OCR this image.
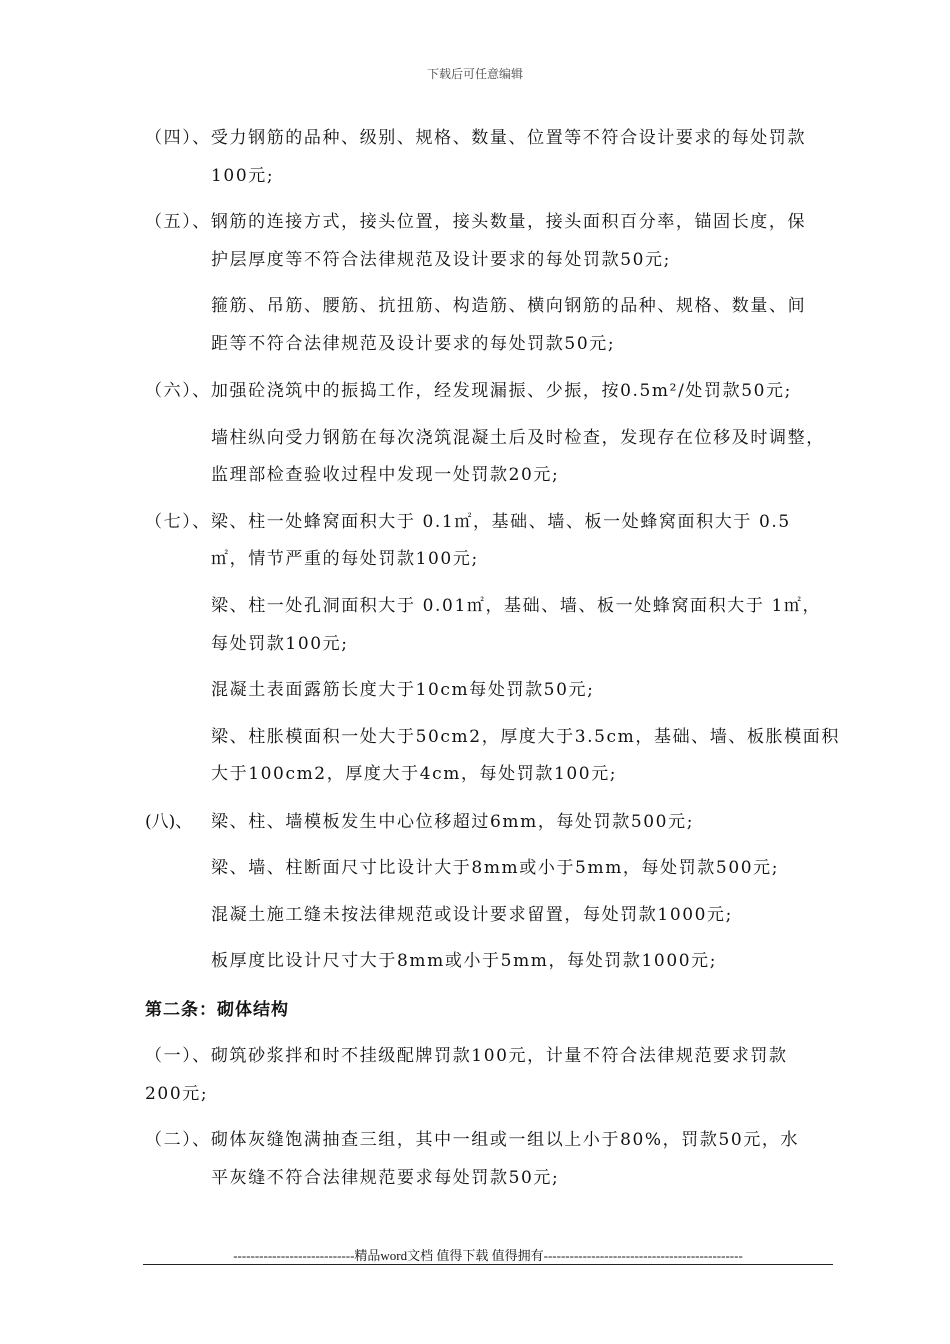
下载后可任意编辑
（四）、受力钢筋的品种、级别、规格、数量、位置等不符合设计要求的每处罚款
100元;
（五）、钢筋的连接方式，接头位置，接头数量，接头面积百分率，锚固长度，保
护层厚度等不符合法律规范及设计要求的每处罚款50元;
箍筋、吊筋、腰筋、抗扭筋、构造筋、横向钢筋的品种、规格、数量、间
距等不符合法律规范及设计要求的每处罚款50元;
（六）、加强砼浇筑中的振捣工作，经发现漏振、少振，按0.5m²/处罚款50元;
墙柱纵向受力钢筋在每次浇筑混凝土后及时检查，发现存在位移及时调整，
监理部检查验收过程中发现一处罚款20元;
（七）、梁、柱一处蜂窝面积大于 0.1㎡，基础、墙、板一处蜂窝面积大于 0.5
㎡，情节严重的每处罚款100元;
梁、柱一处孔洞面积大于 0.01㎡，基础、墙、板一处蜂窝面积大于 1㎡，
每处罚款100元;
混凝土表面露筋长度大于10cm每处罚款50元;
梁、柱胀模面积一处大于50cm2，厚度大于3.5cm，基础、墙、板胀模面积
大于100cm2，厚度大于4cm，每处罚款100元;
(八)、 梁、柱、墙模板发生中心位移超过6mm，每处罚款500元;
梁、墙、柱断面尺寸比设计大于8mm或小于5mm，每处罚款500元;
混凝土施工缝未按法律规范或设计要求留置，每处罚款1000元;
板厚度比设计尺寸大于8mm或小于5mm，每处罚款1000元;
第二条：砌体结构
（一）、砌筑砂浆拌和时不挂级配牌罚款100元，计量不符合法律规范要求罚款
200元;
（二）、砌体灰缝饱满抽查三组，其中一组或一组以上小于80%，罚款50元，水
平灰缝不符合法律规范要求每处罚款50元;
----------------------------精品word文档 值得下载 值得拥有----------------------------------------------
